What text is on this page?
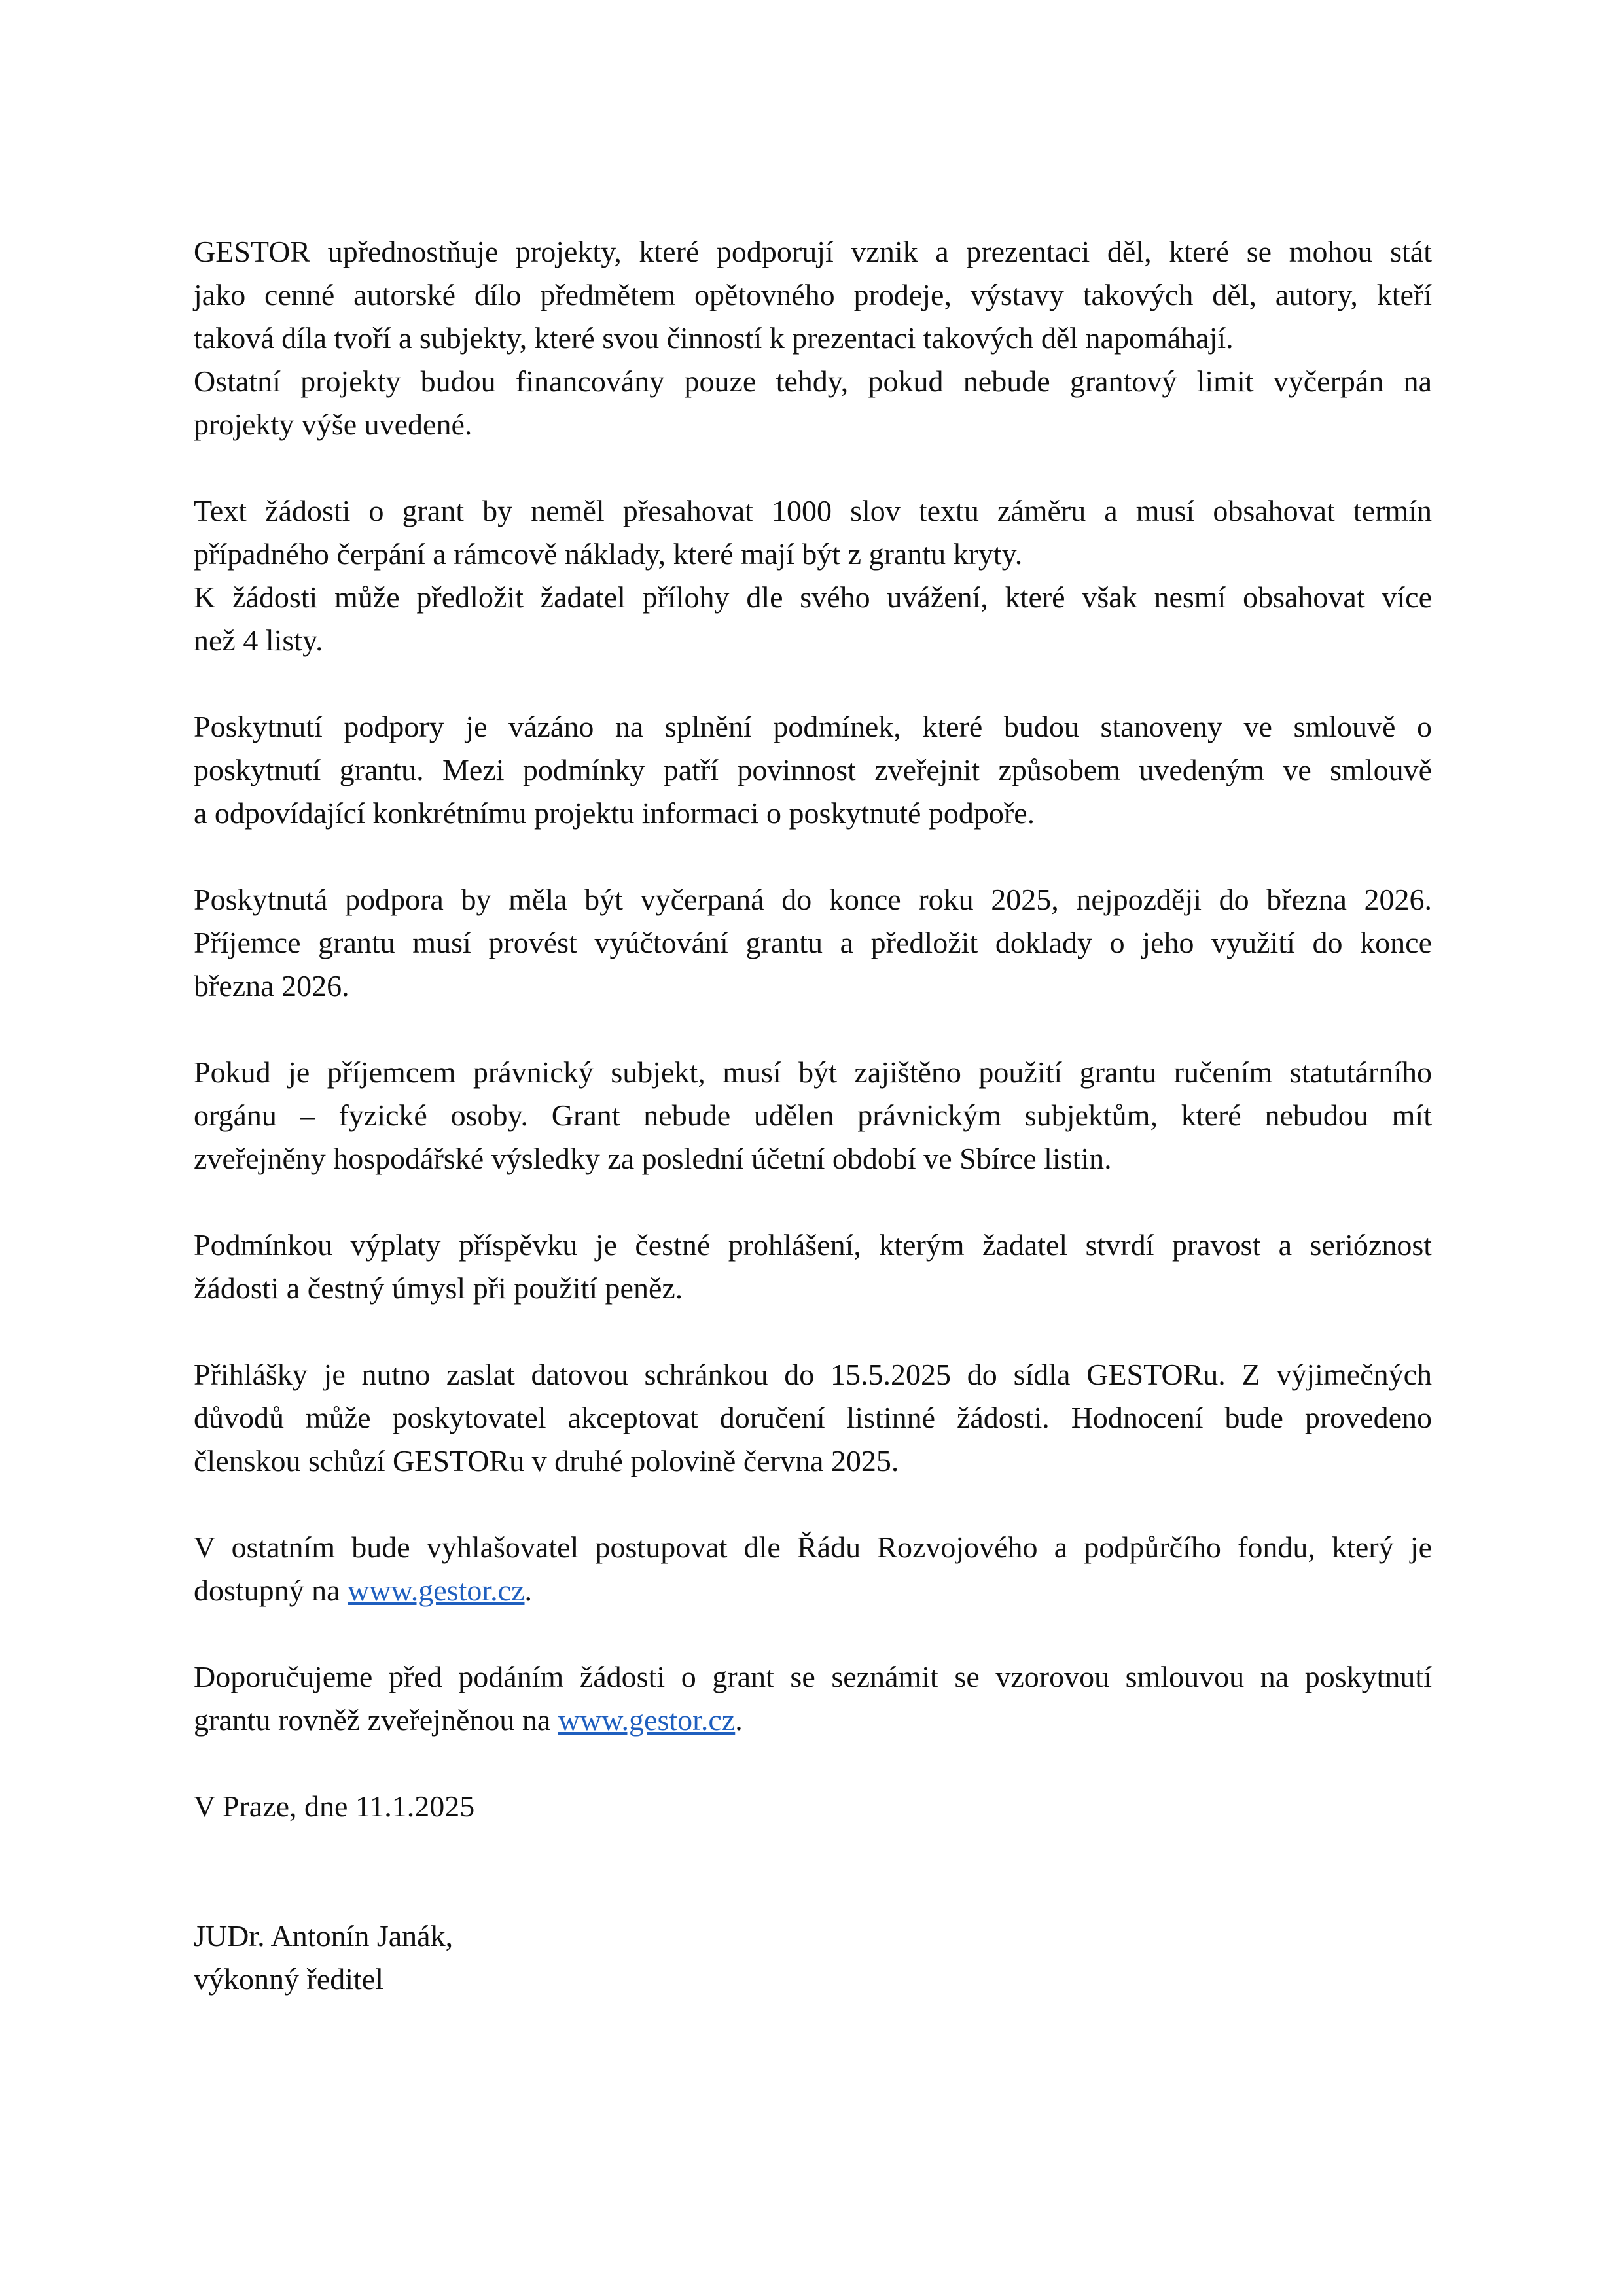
GESTOR upřednostňuje projekty, které podporují vznik a prezentaci děl, které se mohou stát
jako cenné autorské dílo předmětem opětovného prodeje, výstavy takových děl, autory, kteří
taková díla tvoří a subjekty, které svou činností k prezentaci takových děl napomáhají.
Ostatní projekty budou financovány pouze tehdy, pokud nebude grantový limit vyčerpán na
projekty výše uvedené.

Text žádosti o grant by neměl přesahovat 1000 slov textu záměru a musí obsahovat termín
případného čerpání a rámcově náklady, které mají být z grantu kryty.
K žádosti může předložit žadatel přílohy dle svého uvážení, které však nesmí obsahovat více
než 4 listy.

Poskytnutí podpory je vázáno na splnění podmínek, které budou stanoveny ve smlouvě o
poskytnutí grantu. Mezi podmínky patří povinnost zveřejnit způsobem uvedeným ve smlouvě
a odpovídající konkrétnímu projektu informaci o poskytnuté podpoře.

Poskytnutá podpora by měla být vyčerpaná do konce roku 2025, nejpozději do března 2026.
Příjemce grantu musí provést vyúčtování grantu a předložit doklady o jeho využití do konce
března 2026.

Pokud je příjemcem právnický subjekt, musí být zajištěno použití grantu ručením statutárního
orgánu – fyzické osoby. Grant nebude udělen právnickým subjektům, které nebudou mít
zveřejněny hospodářské výsledky za poslední účetní období ve Sbírce listin.

Podmínkou výplaty příspěvku je čestné prohlášení, kterým žadatel stvrdí pravost a serióznost
žádosti a čestný úmysl při použití peněz.

Přihlášky je nutno zaslat datovou schránkou do 15.5.2025 do sídla GESTORu. Z výjimečných
důvodů může poskytovatel akceptovat doručení listinné žádosti. Hodnocení bude provedeno
členskou schůzí GESTORu v druhé polovině června 2025.

V ostatním bude vyhlašovatel postupovat dle Řádu Rozvojového a podpůrčího fondu, který je
dostupný na www.gestor.cz.

Doporučujeme před podáním žádosti o grant se seznámit se vzorovou smlouvou na poskytnutí
grantu rovněž zveřejněnou na www.gestor.cz.

V Praze, dne 11.1.2025

JUDr. Antonín Janák,
výkonný ředitel
